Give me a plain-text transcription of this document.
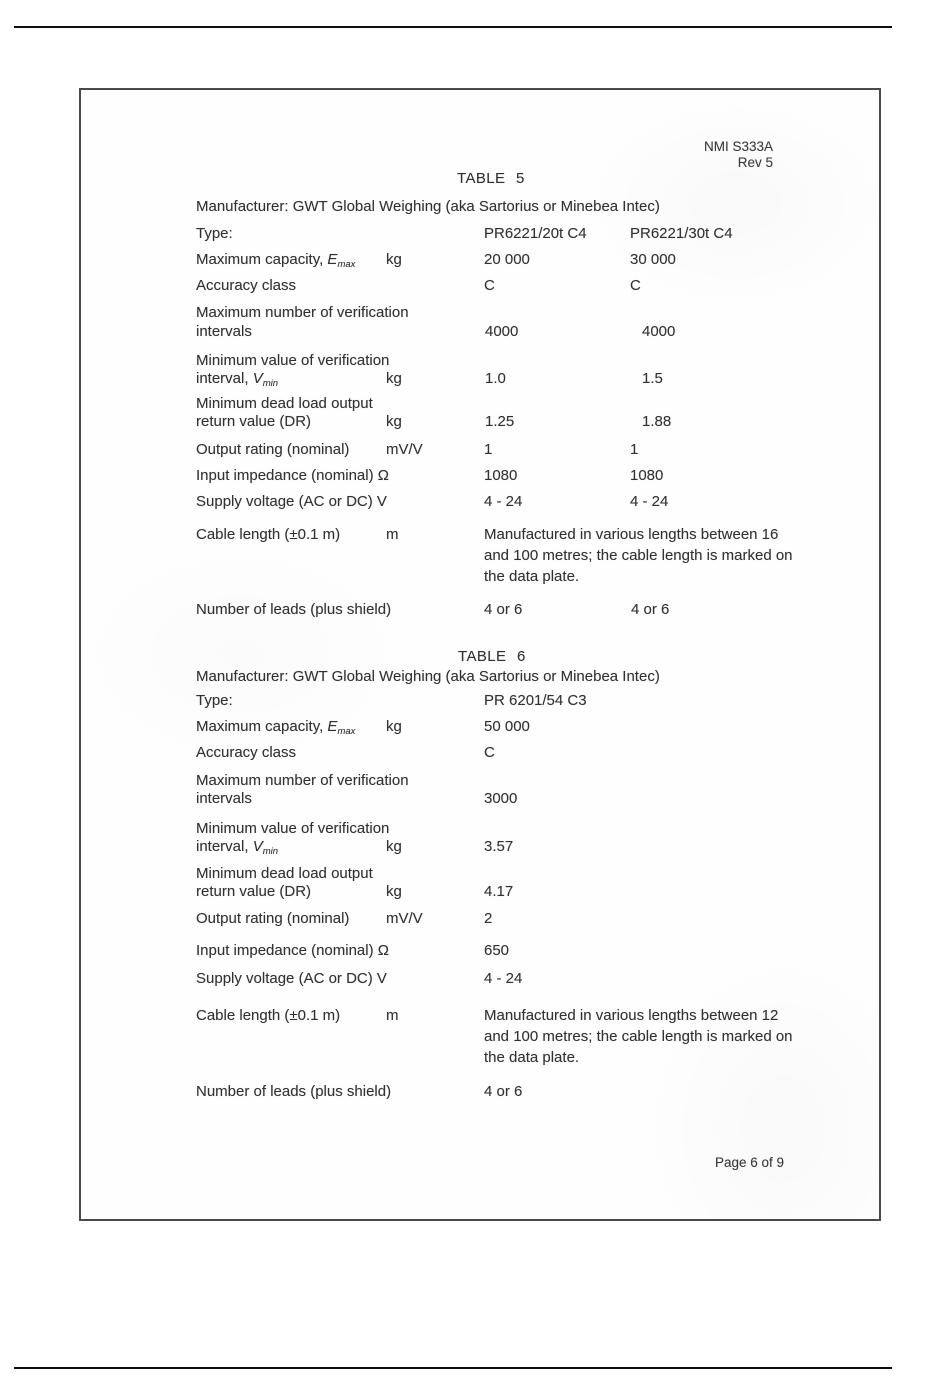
NMI S333A
Rev 5
TABLE 5
Manufacturer: GWT Global Weighing (aka Sartorius or Minebea Intec)
Type:	PR6221/20t C4	PR6221/30t C4
Maximum capacity, $E_{max}$ kg	20 000	30 000
Accuracy class	C	C
Maximum number of verification
intervals	4000	4000
Minimum value of verification
interval, $V_{min}$	kg	1.0	1.5
Minimum dead load output
return value (DR)	kg	1.25	1.88
Output rating (nominal) mV/V	1	1
Input impedance (nominal) Ω	1080	1080
Supply voltage (AC or DC) V	4 - 24	4 - 24
Cable length (±0.1 m)	m	Manufactured in various lengths between 16 and 100 metres; the cable length is marked on the data plate.
Number of leads (plus shield)	4 or 6	4 or 6
TABLE 6
Manufacturer: GWT Global Weighing (aka Sartorius or Minebea Intec)
Type:	PR 6201/54 C3
Maximum capacity, $E_{max}$ kg	50 000
Accuracy class	C
Maximum number of verification
intervals	3000
Minimum value of verification
interval, $V_{min}$	kg	3.57
Minimum dead load output
return value (DR)	kg	4.17
Output rating (nominal) mV/V	2
Input impedance (nominal) Ω	650
Supply voltage (AC or DC) V	4 - 24
Cable length (±0.1 m)	m	Manufactured in various lengths between 12 and 100 metres; the cable length is marked on the data plate.
Number of leads (plus shield)	4 or 6
Page 6 of 9
